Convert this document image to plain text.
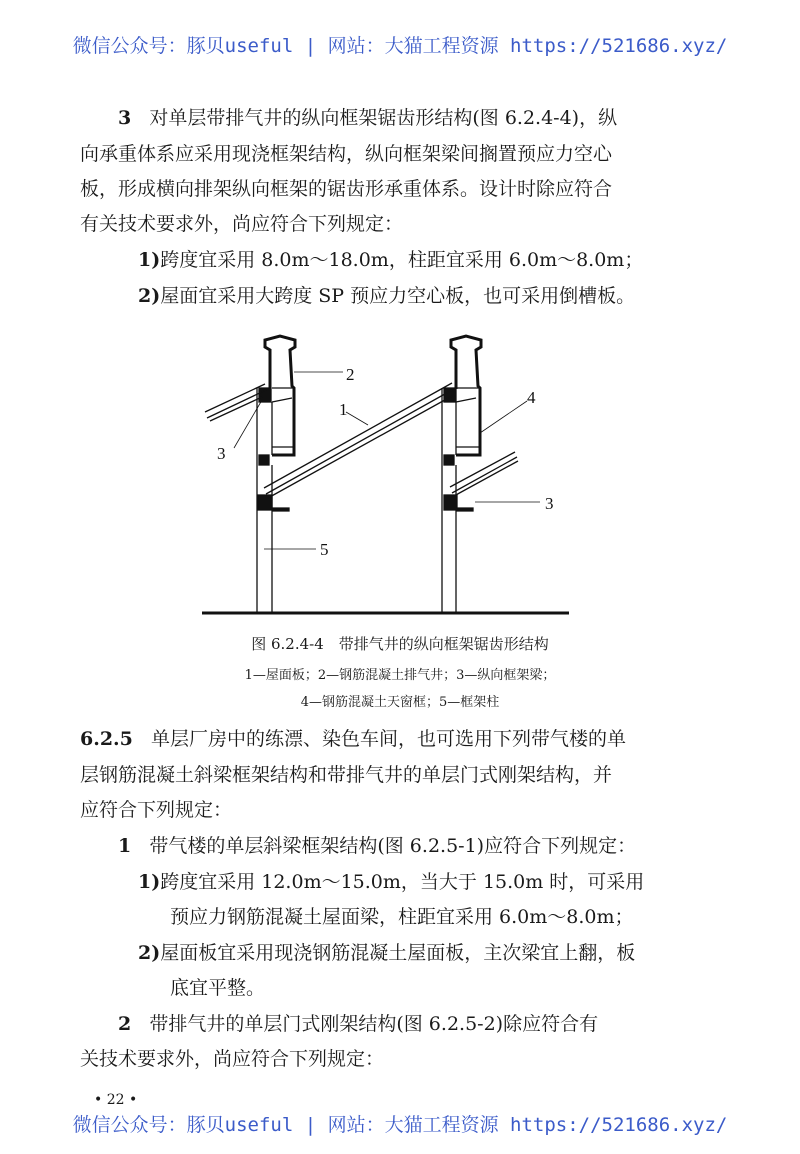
微信公众号：豚贝useful | 网站：大猫工程资源 https://521686.xyz/
3 对单层带排气井的纵向框架锯齿形结构(图 6.2.4-4)，纵
向承重体系应采用现浇框架结构，纵向框架梁间搁置预应力空心
板，形成横向排架纵向框架的锯齿形承重体系。设计时除应符合
有关技术要求外，尚应符合下列规定：
1)跨度宜采用 8.0m～18.0m，柱距宜采用 6.0m～8.0m；
2)屋面宜采用大跨度 SP 预应力空心板，也可采用倒槽板。
2
1
3
4
5
3
图 6.2.4-4　带排气井的纵向框架锯齿形结构
1—屋面板；2—钢筋混凝土排气井；3—纵向框架梁；
4—钢筋混凝土天窗框；5—框架柱
6.2.5 单层厂房中的练漂、染色车间，也可选用下列带气楼的单
层钢筋混凝土斜梁框架结构和带排气井的单层门式刚架结构，并
应符合下列规定：
1 带气楼的单层斜梁框架结构(图 6.2.5-1)应符合下列规定：
1)跨度宜采用 12.0m～15.0m，当大于 15.0m 时，可采用
预应力钢筋混凝土屋面梁，柱距宜采用 6.0m～8.0m；
2)屋面板宜采用现浇钢筋混凝土屋面板，主次梁宜上翻，板
底宜平整。
2 带排气井的单层门式刚架结构(图 6.2.5-2)除应符合有
关技术要求外，尚应符合下列规定：
• 22 •
微信公众号：豚贝useful | 网站：大猫工程资源 https://521686.xyz/
